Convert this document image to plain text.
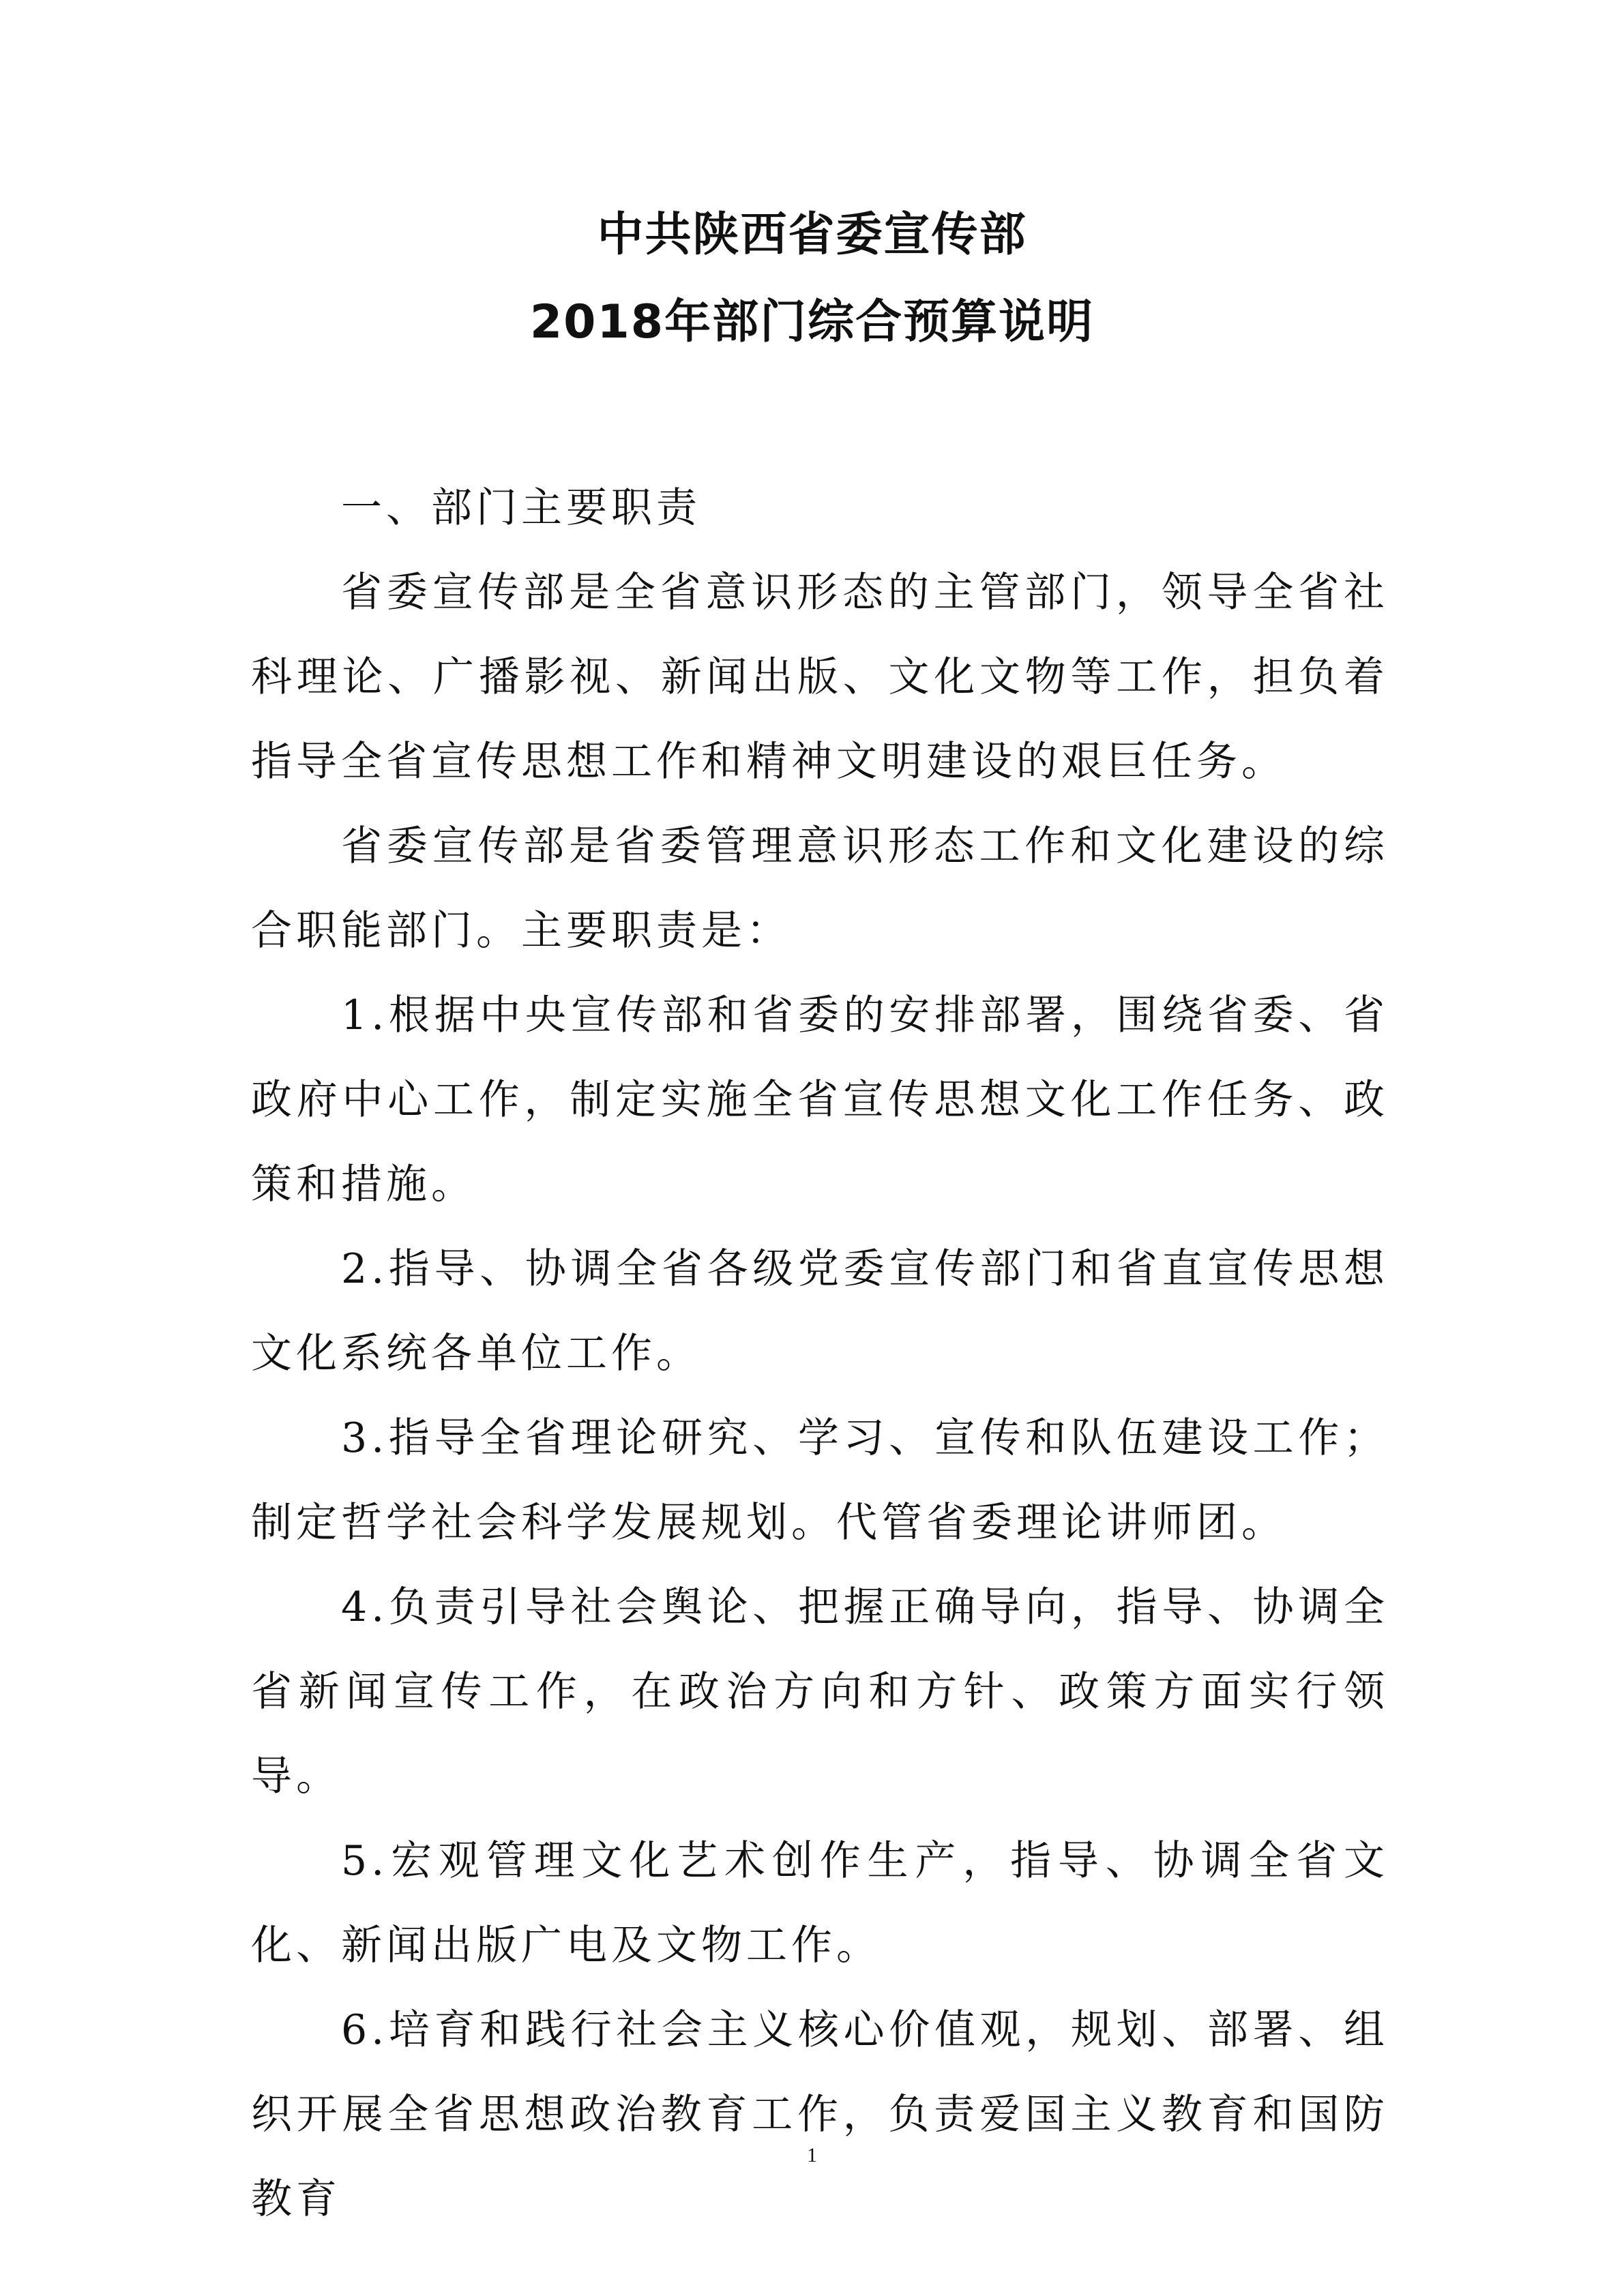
中共陕西省委宣传部
2018年部门综合预算说明

一、部门主要职责

省委宣传部是全省意识形态的主管部门，领导全省社科理论、广播影视、新闻出版、文化文物等工作，担负着指导全省宣传思想工作和精神文明建设的艰巨任务。

省委宣传部是省委管理意识形态工作和文化建设的综合职能部门。主要职责是：

1.根据中央宣传部和省委的安排部署，围绕省委、省政府中心工作，制定实施全省宣传思想文化工作任务、政策和措施。

2.指导、协调全省各级党委宣传部门和省直宣传思想文化系统各单位工作。

3.指导全省理论研究、学习、宣传和队伍建设工作；制定哲学社会科学发展规划。代管省委理论讲师团。

4.负责引导社会舆论、把握正确导向，指导、协调全省新闻宣传工作，在政治方向和方针、政策方面实行领导。

5.宏观管理文化艺术创作生产，指导、协调全省文化、新闻出版广电及文物工作。

6.培育和践行社会主义核心价值观，规划、部署、组织开展全省思想政治教育工作，负责爱国主义教育和国防教育

1
